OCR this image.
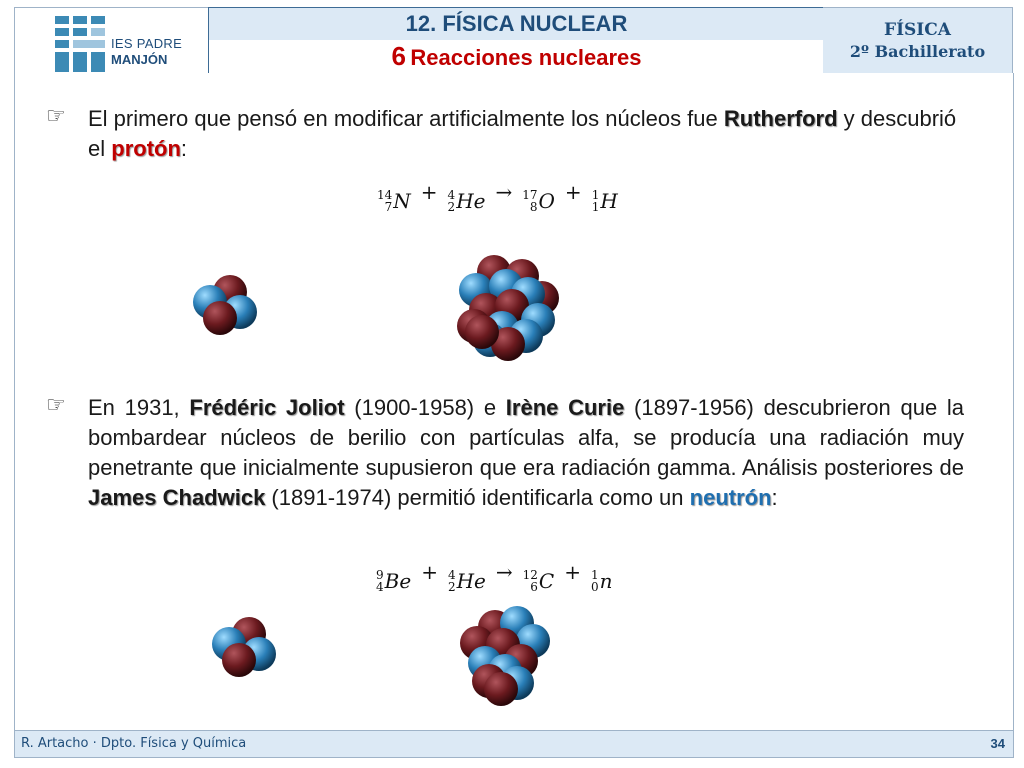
IES PADRE
MANJÓN
12. FÍSICA NUCLEAR
6 Reacciones nucleares
FÍSICA
2º Bachillerato
☞ El primero que pensó en modificar artificialmente los núcleos fue Rutherford y descubrió el protón:
14
7 N + 4
2 He → 17
8 O + 1
1 H
☞ En 1931, Frédéric Joliot (1900-1958) e Irène Curie (1897-1956) descubrieron que la bombardear núcleos de berilio con partículas alfa, se producía una radiación muy penetrante que inicialmente supusieron que era radiación gamma. Análisis posteriores de James Chadwick (1891-1974) permitió identificarla como un neutrón:
9
4 Be + 4
2 He → 12
6 C + 1
0 n
R. Artacho · Dpto. Física y Química	34
